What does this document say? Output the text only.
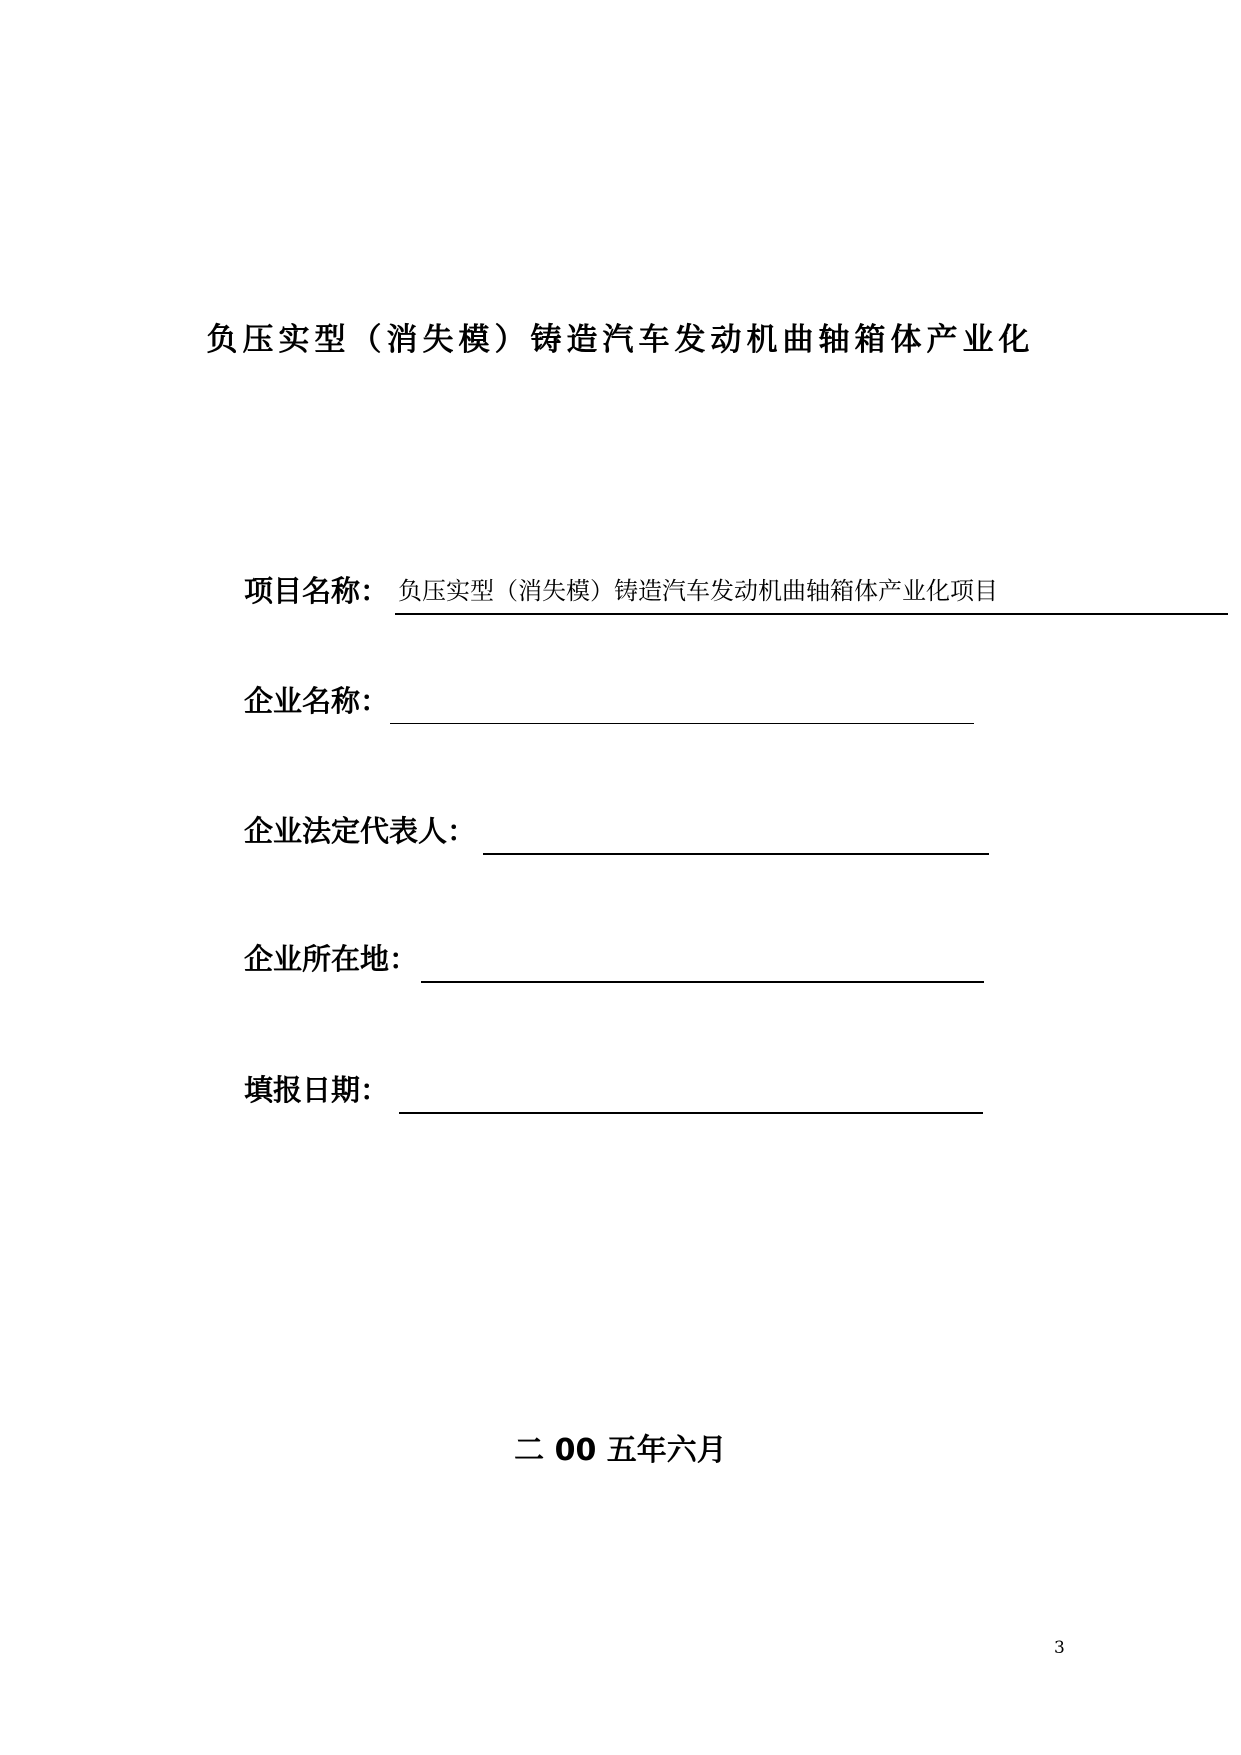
负压实型（消失模）铸造汽车发动机曲轴箱体产业化
项目名称： 负压实型（消失模）铸造汽车发动机曲轴箱体产业化项目
企业名称：
企业法定代表人：
企业所在地：
填报日期：
二 00 五年六月
3
